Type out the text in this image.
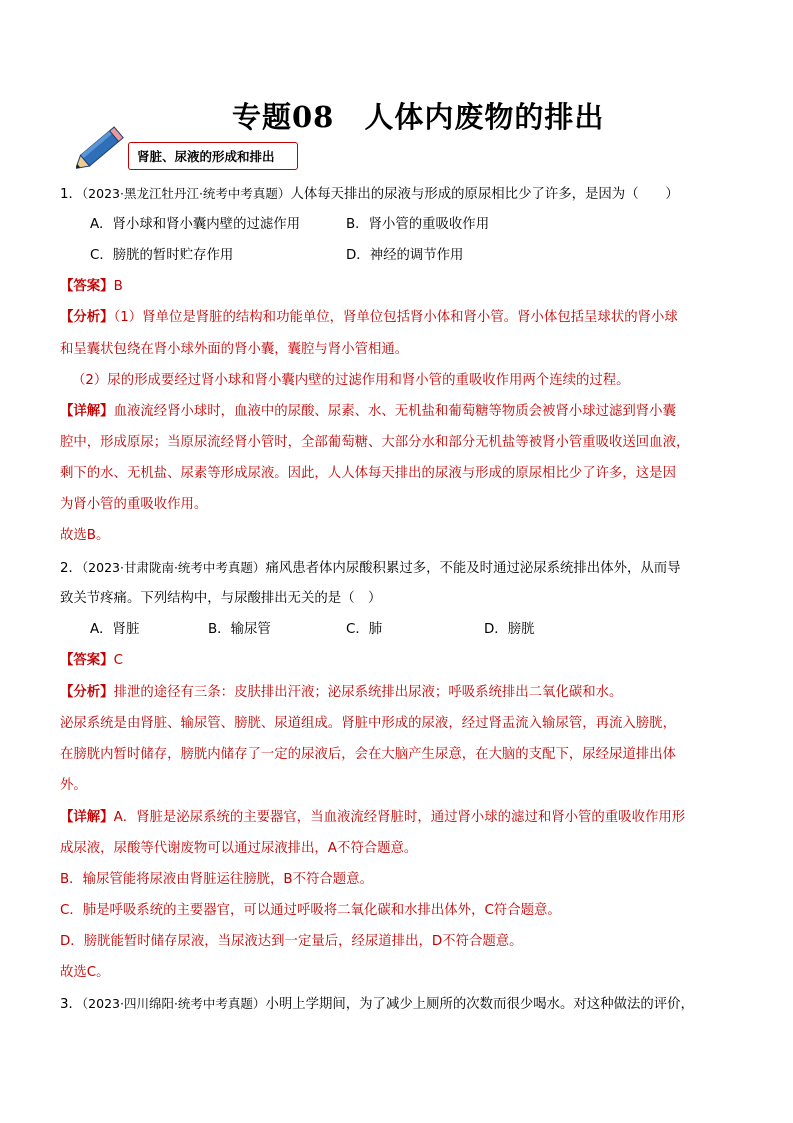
专题08　人体内废物的排出
肾脏、尿液的形成和排出
1．（2023·黑龙江牡丹江·统考中考真题）人体每天排出的尿液与形成的原尿相比少了许多，是因为（　　）
A．肾小球和肾小囊内壁的过滤作用	B．肾小管的重吸收作用
C．膀胱的暂时贮存作用	D．神经的调节作用
【答案】B
【分析】（1）肾单位是肾脏的结构和功能单位，肾单位包括肾小体和肾小管。肾小体包括呈球状的肾小球
和呈囊状包绕在肾小球外面的肾小囊，囊腔与肾小管相通。
（2）尿的形成要经过肾小球和肾小囊内壁的过滤作用和肾小管的重吸收作用两个连续的过程。
【详解】血液流经肾小球时，血液中的尿酸、尿素、水、无机盐和葡萄糖等物质会被肾小球过滤到肾小囊
腔中，形成原尿；当原尿流经肾小管时，全部葡萄糖、大部分水和部分无机盐等被肾小管重吸收送回血液，
剩下的水、无机盐、尿素等形成尿液。因此，人人体每天排出的尿液与形成的原尿相比少了许多，这是因
为肾小管的重吸收作用。
故选B。
2．（2023·甘肃陇南·统考中考真题）痛风患者体内尿酸积累过多，不能及时通过泌尿系统排出体外，从而导
致关节疼痛。下列结构中，与尿酸排出无关的是（　）
A．肾脏	B．输尿管	C．肺	D．膀胱
【答案】C
【分析】排泄的途径有三条：皮肤排出汗液；泌尿系统排出尿液；呼吸系统排出二氧化碳和水。
泌尿系统是由肾脏、输尿管、膀胱、尿道组成。肾脏中形成的尿液，经过肾盂流入输尿管，再流入膀胱，
在膀胱内暂时储存，膀胱内储存了一定的尿液后，会在大脑产生尿意，在大脑的支配下，尿经尿道排出体
外。
【详解】A．肾脏是泌尿系统的主要器官，当血液流经肾脏时，通过肾小球的滤过和肾小管的重吸收作用形
成尿液，尿酸等代谢废物可以通过尿液排出，A不符合题意。
B．输尿管能将尿液由肾脏运往膀胱，B不符合题意。
C．肺是呼吸系统的主要器官，可以通过呼吸将二氧化碳和水排出体外，C符合题意。
D．膀胱能暂时储存尿液，当尿液达到一定量后，经尿道排出，D不符合题意。
故选C。
3．（2023·四川绵阳·统考中考真题）小明上学期间，为了减少上厕所的次数而很少喝水。对这种做法的评价，
